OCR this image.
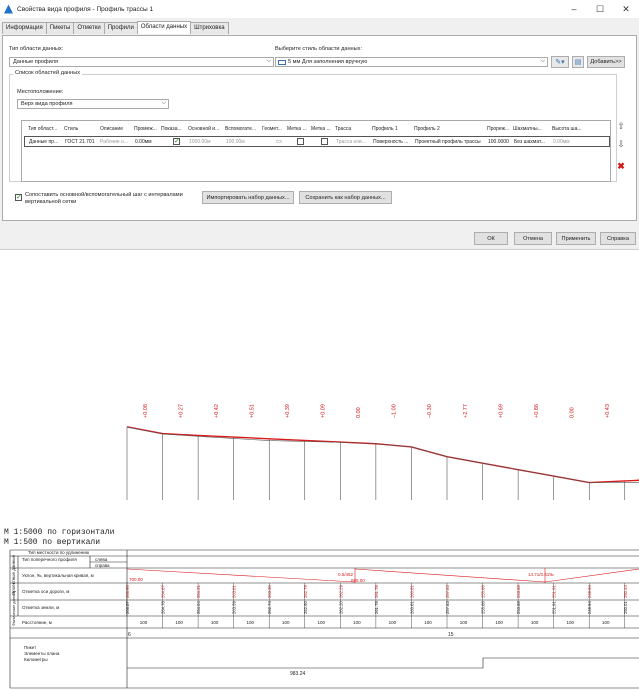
Свойства вида профиля - Профиль трассы 1	–	☐	✕
Информация	Пикеты	Отметки	Профили	Области данных	Штриховка
Тип области данных:
Данные профиля	⌵
Выберите стиль области данных:
5 мм Для заполнения вручную	⌵ ✎▾ ▤	Добавить>>
Список областей данных
Местоположение:
Верх вида профиля	⌵
Тип област... Стиль	Описание Промеж... Показа... Основной и... Вспомогате... Геомет... Метка ... Метка ... Трасса	Профиль 1	Профиль 2	Прореж... Шахматны... Высота ша...
Данные пр... ГОСТ 21.701 Рабочие о... 0.00мм
✓	1000.00м	100.00м	▭	Трасса нов... Поверхность ... Проектный профиль трассы 100.0000 Без шахмат... 0.00мм
⇧
⇩
✖
✓
Сопоставить основной/вспомогательный шаг с интервалами вертикальной сетки
Импортировать набор данных...	Сохранить как набор данных...
ОК	Отмена	Применить	Справка
+0.08	+0.27	+0.42	+0.51	+0.39	+0.09	0.00	–1.00	–0.30	+2.77	+0.69	+0.86	0.00	+0.43
М 1:5000 по горизонтали
М 1:500 по вертикали
Тип местности по удлинению
Тип поперечного профиля	слева
справа
Уклон, ‰, вертикальная кривая, м
Отметка оси дороги, м
Отметка земли, м
Расстояние, м
Пикет
Элементы плана
Километры
Проектные данные
Фактические данные	266.95	264.87	264.31	263.81	263.30	262.79	262.29	261.78	260.81	257.83	255.86	253.88	251.91	249.94	250.44
266.87	264.78	264.04	263.39	262.74	262.50	262.20	261.78	260.81	257.83	255.86	253.88	251.91	249.94	250.01
100	100	100	100	100	100	100	100	100	100	100	100	100	100
700.00
0.5/462
695.00
14.71/0.61‰
6	15
983.24
